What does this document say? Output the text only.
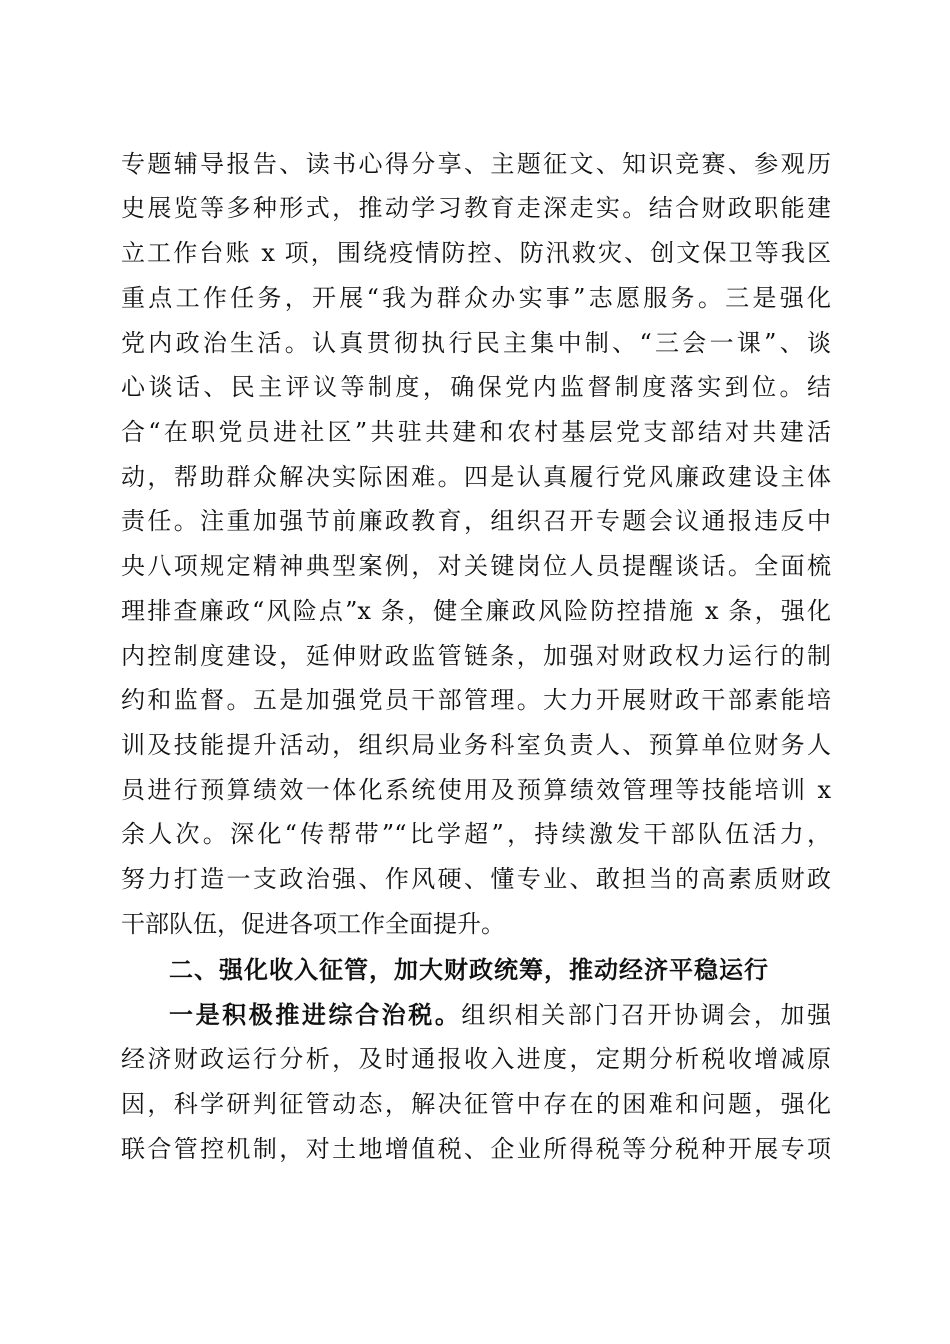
专题辅导报告、读书心得分享、主题征文、知识竞赛、参观历
史展览等多种形式，推动学习教育走深走实。结合财政职能建
立工作台账 x 项，围绕疫情防控、防汛救灾、创文保卫等我区
重点工作任务，开展“我为群众办实事”志愿服务。三是强化
党内政治生活。认真贯彻执行民主集中制、“三会一课”、谈
心谈话、民主评议等制度，确保党内监督制度落实到位。结
合“在职党员进社区”共驻共建和农村基层党支部结对共建活
动，帮助群众解决实际困难。四是认真履行党风廉政建设主体
责任。注重加强节前廉政教育，组织召开专题会议通报违反中
央八项规定精神典型案例，对关键岗位人员提醒谈话。全面梳
理排查廉政“风险点”x 条，健全廉政风险防控措施 x 条，强化
内控制度建设，延伸财政监管链条，加强对财政权力运行的制
约和监督。五是加强党员干部管理。大力开展财政干部素能培
训及技能提升活动，组织局业务科室负责人、预算单位财务人
员进行预算绩效一体化系统使用及预算绩效管理等技能培训 x
余人次。深化“传帮带”“比学超”，持续激发干部队伍活力，
努力打造一支政治强、作风硬、懂专业、敢担当的高素质财政
干部队伍，促进各项工作全面提升。
二、强化收入征管，加大财政统筹，推动经济平稳运行
一是积极推进综合治税。组织相关部门召开协调会，加强
经济财政运行分析，及时通报收入进度，定期分析税收增减原
因，科学研判征管动态，解决征管中存在的困难和问题，强化
联合管控机制，对土地增值税、企业所得税等分税种开展专项
